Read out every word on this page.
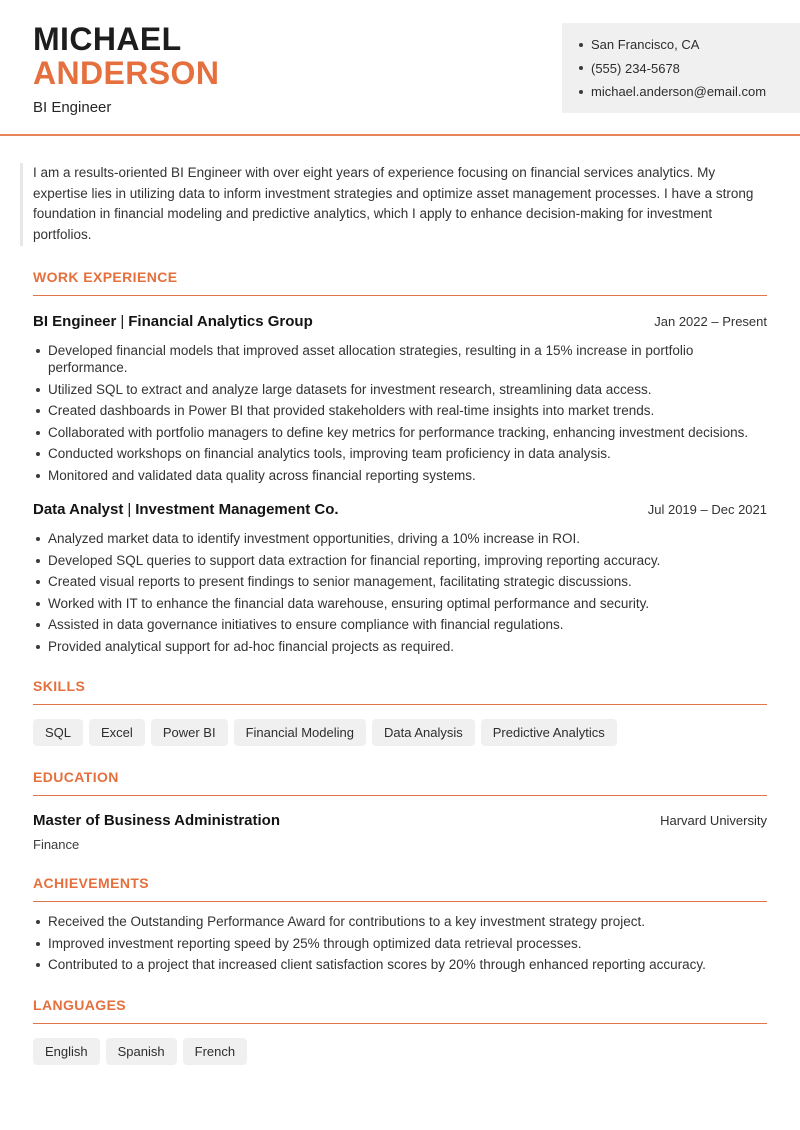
MICHAEL
ANDERSON
BI Engineer
San Francisco, CA
(555) 234-5678
michael.anderson@email.com

I am a results-oriented BI Engineer with over eight years of experience focusing on financial services analytics. My expertise lies in utilizing data to inform investment strategies and optimize asset management processes. I have a strong foundation in financial modeling and predictive analytics, which I apply to enhance decision-making for investment portfolios.

WORK EXPERIENCE
BI Engineer | Financial Analytics Group	Jan 2022 – Present
Developed financial models that improved asset allocation strategies, resulting in a 15% increase in portfolio performance.
Utilized SQL to extract and analyze large datasets for investment research, streamlining data access.
Created dashboards in Power BI that provided stakeholders with real-time insights into market trends.
Collaborated with portfolio managers to define key metrics for performance tracking, enhancing investment decisions.
Conducted workshops on financial analytics tools, improving team proficiency in data analysis.
Monitored and validated data quality across financial reporting systems.
Data Analyst | Investment Management Co.	Jul 2019 – Dec 2021
Analyzed market data to identify investment opportunities, driving a 10% increase in ROI.
Developed SQL queries to support data extraction for financial reporting, improving reporting accuracy.
Created visual reports to present findings to senior management, facilitating strategic discussions.
Worked with IT to enhance the financial data warehouse, ensuring optimal performance and security.
Assisted in data governance initiatives to ensure compliance with financial regulations.
Provided analytical support for ad-hoc financial projects as required.
SKILLS
SQL	Excel	Power BI	Financial Modeling	Data Analysis	Predictive Analytics
EDUCATION
Master of Business Administration	Harvard University
Finance
ACHIEVEMENTS
Received the Outstanding Performance Award for contributions to a key investment strategy project.
Improved investment reporting speed by 25% through optimized data retrieval processes.
Contributed to a project that increased client satisfaction scores by 20% through enhanced reporting accuracy.
LANGUAGES
English	Spanish	French
